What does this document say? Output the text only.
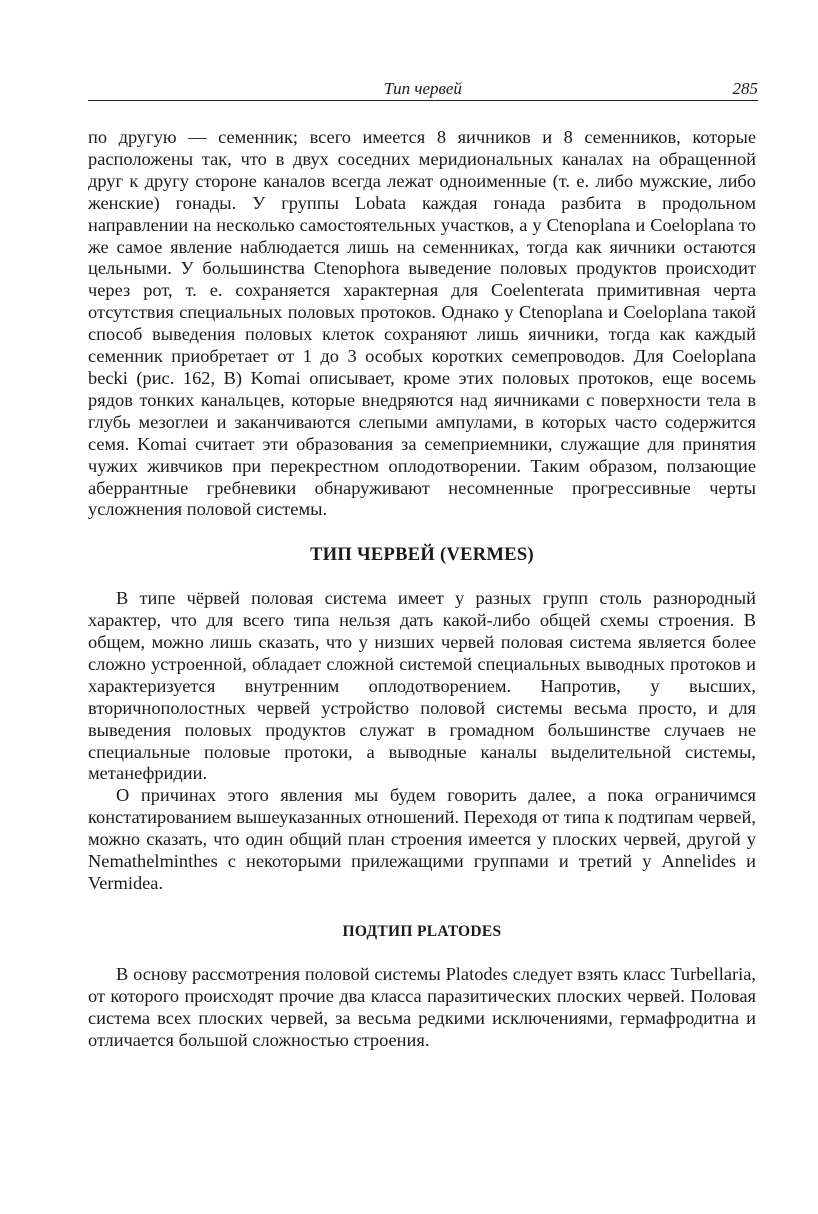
Тип червей	285

по другую — семенник; всего имеется 8 яичников и 8 семенников, которые расположены так, что в двух соседних меридиональных каналах на обращенной друг к другу стороне каналов всегда лежат одноименные (т. е. либо мужские, либо женские) гонады. У группы Lobata каждая гонада разбита в продольном направлении на несколько самостоятельных участков, а у Ctenoplana и Coeloplana то же самое явление наблюдается лишь на семенниках, тогда как яичники остаются цельными. У большинства Ctenophora выведение половых продуктов происходит через рот, т. е. сохраняется характерная для Coelenterata примитивная черта отсутствия специальных половых протоков. Однако у Ctenoplana и Coeloplana такой способ выведения половых клеток сохраняют лишь яичники, тогда как каждый семенник приобретает от 1 до 3 особых коротких семепроводов. Для Coeloplana becki (рис. 162, B) Komai описывает, кроме этих половых протоков, еще восемь рядов тонких канальцев, которые внедряются над яичниками с поверхности тела в глубь мезоглеи и заканчиваются слепыми ампулами, в которых часто содержится семя. Komai считает эти образования за семеприемники, служащие для принятия чужих живчиков при перекрестном оплодотворении. Таким образом, ползающие аберрантные гребневики обнаруживают несомненные прогрессивные черты усложнения половой системы.

ТИП ЧЕРВЕЙ (VERMES)

В типе чёрвей половая система имеет у разных групп столь разнородный характер, что для всего типа нельзя дать какой-либо общей схемы строения. В общем, можно лишь сказать, что у низших червей половая система является более сложно устроенной, обладает сложной системой специальных выводных протоков и характеризуется внутренним оплодотворением. Напротив, у высших, вторичнополостных червей устройство половой системы весьма просто, и для выведения половых продуктов служат в громадном большинстве случаев не специальные половые протоки, а выводные каналы выделительной системы, метанефридии.

О причинах этого явления мы будем говорить далее, а пока ограничимся констатированием вышеуказанных отношений. Переходя от типа к подтипам червей, можно сказать, что один общий план строения имеется у плоских червей, другой у Nemathelminthes с некоторыми прилежащими группами и третий у Annelides и Vermidea.

ПОДТИП PLATODES

В основу рассмотрения половой системы Platodes следует взять класс Turbellaria, от которого происходят прочие два класса паразитических плоских червей. Половая система всех плоских червей, за весьма редкими исключениями, гермафродитна и отличается большой сложностью строения.
